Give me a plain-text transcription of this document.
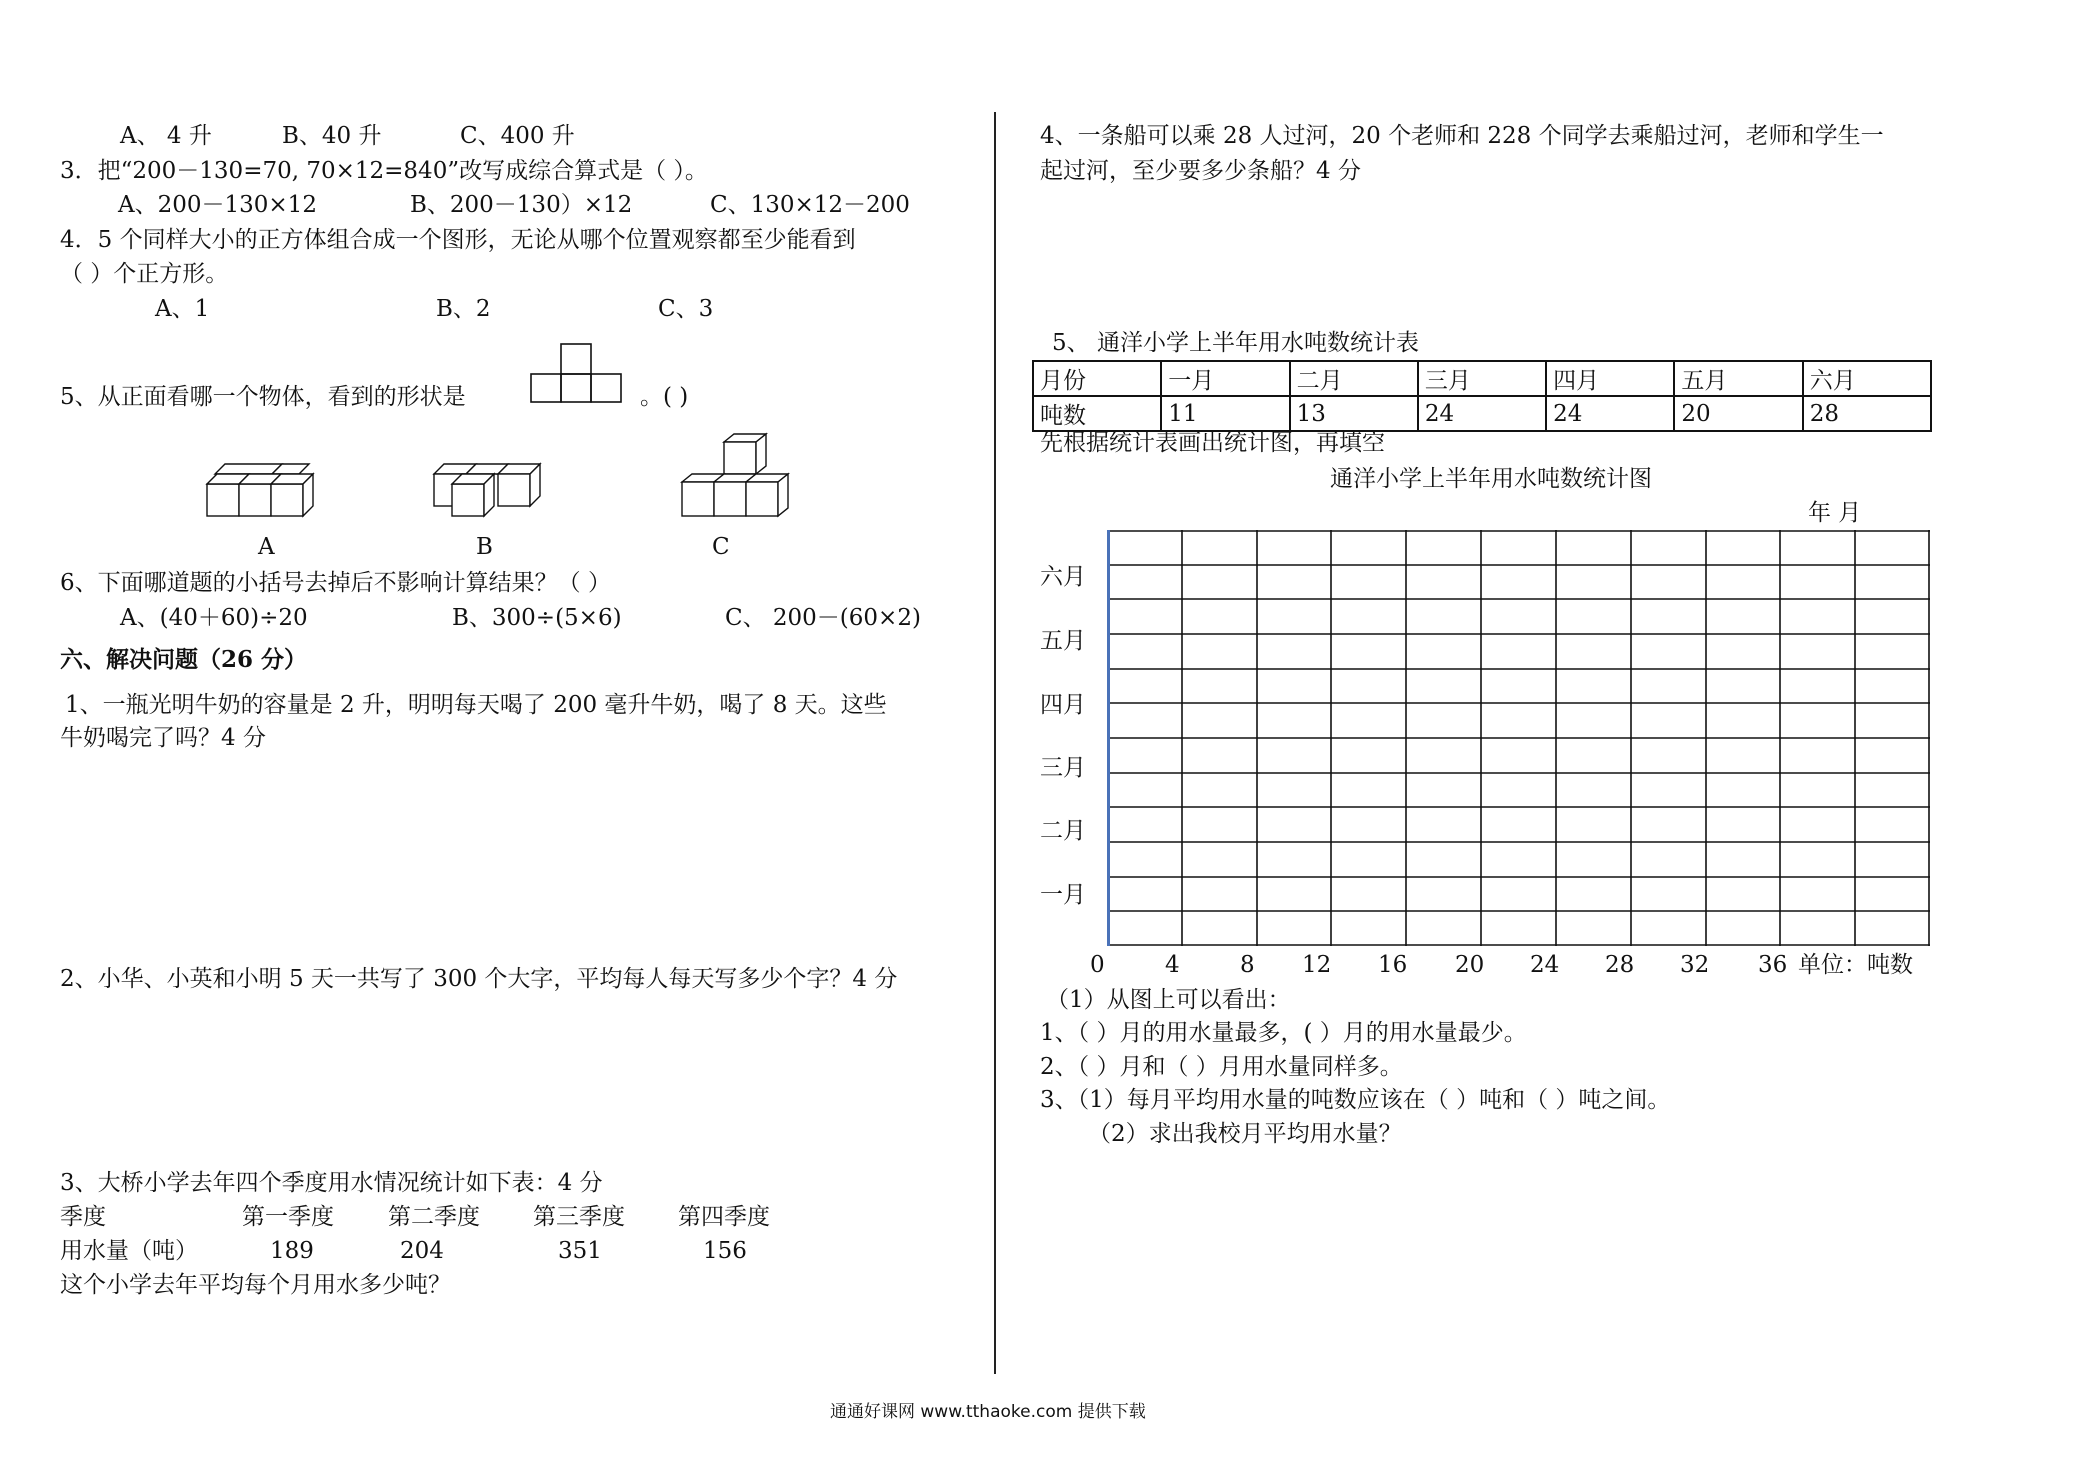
A、 4 升	B、40 升	C、400 升
3．把“200－130=70, 70×12=840”改写成综合算式是（ ）。
A、200－130×12	B、200－130）×12	C、130×12－200
4．5 个同样大小的正方体组合成一个图形，无论从哪个位置观察都至少能看到
（ ）个正方形。
A、1	B、2	C、3
5、从正面看哪一个物体，看到的形状是	。( )
A	B	C
6、下面哪道题的小括号去掉后不影响计算结果？（ ）
A、(40＋60)÷20	B、300÷(5×6)	C、 200－(60×2)
六、解决问题（26 分）
1、一瓶光明牛奶的容量是 2 升，明明每天喝了 200 毫升牛奶，喝了 8 天。这些
牛奶喝完了吗？4 分
2、小华、小英和小明 5 天一共写了 300 个大字，平均每人每天写多少个字？4 分
3、大桥小学去年四个季度用水情况统计如下表：4 分
季度	第一季度 第二季度 第三季度 第四季度
用水量（吨）	189	204	351	156
这个小学去年平均每个月用水多少吨？
4、一条船可以乘 28 人过河，20 个老师和 228 个同学去乘船过河，老师和学生一
起过河，至少要多少条船？4 分
5、 通洋小学上半年用水吨数统计表
月份	一月	二月	三月	四月	五月	六月
吨数	11	13	24	24	20	28
先根据统计表画出统计图，再填空
通洋小学上半年用水吨数统计图
年 月
六月
五月
四月
三月
二月
一月
0	4	8 12 16 20 24 28 32 36 单位：吨数
（1）从图上可以看出：
1、（ ）月的用水量最多，( ）月的用水量最少。
2、（ ）月和（ ）月用水量同样多。
3、（1）每月平均用水量的吨数应该在（ ）吨和（ ）吨之间。
（2）求出我校月平均用水量？
通通好课网 www.tthaoke.com 提供下载
